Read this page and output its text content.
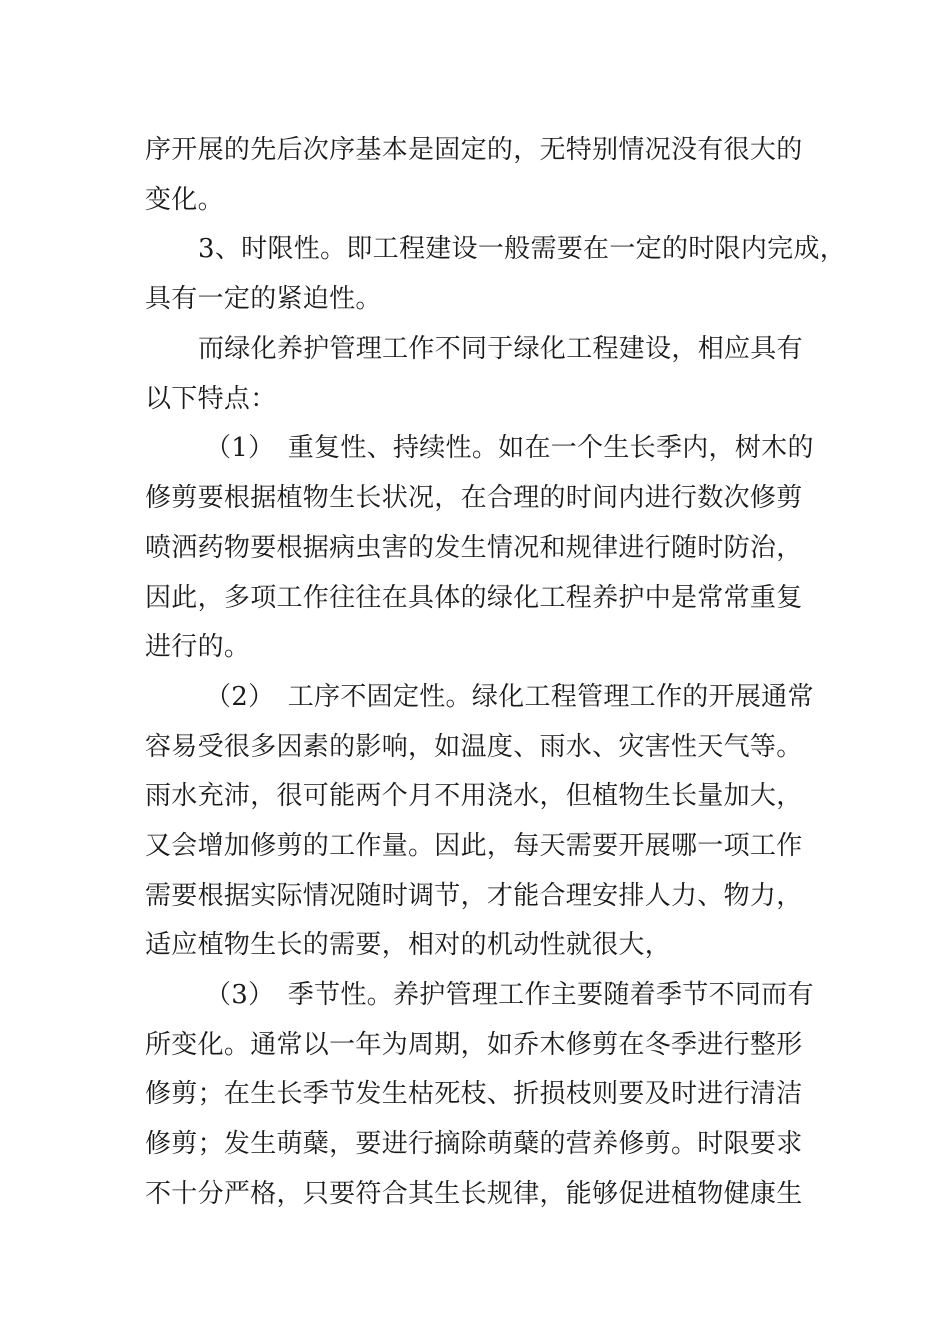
序开展的先后次序基本是固定的，无特别情况没有很大的
变化。
3、时限性。即工程建设一般需要在一定的时限内完成，
具有一定的紧迫性。
而绿化养护管理工作不同于绿化工程建设，相应具有
以下特点：
（1）　重复性、持续性。如在一个生长季内，树木的
修剪要根据植物生长状况，在合理的时间内进行数次修剪
喷洒药物要根据病虫害的发生情况和规律进行随时防治，
因此，多项工作往往在具体的绿化工程养护中是常常重复
进行的。
（2）　工序不固定性。绿化工程管理工作的开展通常
容易受很多因素的影响，如温度、雨水、灾害性天气等。
雨水充沛，很可能两个月不用浇水，但植物生长量加大，
又会增加修剪的工作量。因此，每天需要开展哪一项工作
需要根据实际情况随时调节，才能合理安排人力、物力，
适应植物生长的需要，相对的机动性就很大，
（3）　季节性。养护管理工作主要随着季节不同而有
所变化。通常以一年为周期，如乔木修剪在冬季进行整形
修剪；在生长季节发生枯死枝、折损枝则要及时进行清洁
修剪；发生萌蘖，要进行摘除萌蘖的营养修剪。时限要求
不十分严格，只要符合其生长规律，能够促进植物健康生
